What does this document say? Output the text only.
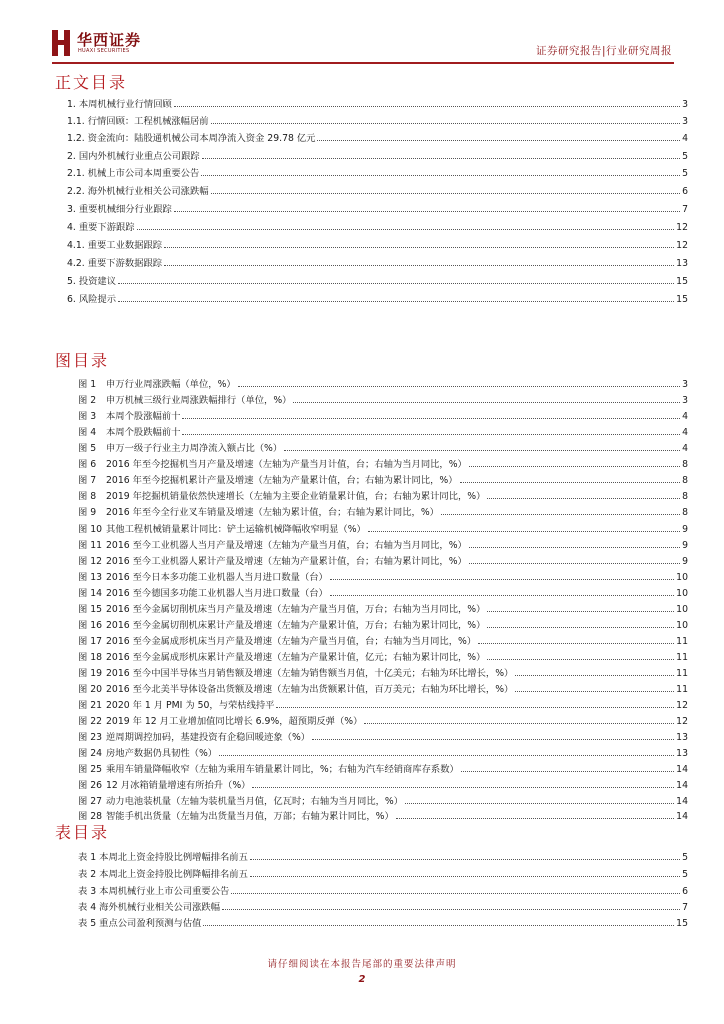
华西证券
HUAXI SECURITIES	证券研究报告|行业研究周报
正文目录
图目录
表目录
1. 本周机械行业行情回顾	3
1.1. 行情回顾：工程机械涨幅居前	3
1.2. 资金流向：陆股通机械公司本周净流入资金 29.78 亿元	4
2. 国内外机械行业重点公司跟踪	5
2.1. 机械上市公司本周重要公告	5
2.2. 海外机械行业相关公司涨跌幅	6
3. 重要机械细分行业跟踪	7
4. 重要下游跟踪	12
4.1. 重要工业数据跟踪	12
4.2. 重要下游数据跟踪	13
5. 投资建议	15
6. 风险提示	15
图 1 申万行业周涨跌幅（单位，%）	3
图 2 申万机械三级行业周涨跌幅排行（单位，%）	3
图 3 本周个股涨幅前十	4
图 4 本周个股跌幅前十	4
图 5 申万一级子行业主力周净流入额占比（%）	4
图 6 2016 年至今挖掘机当月产量及增速（左轴为产量当月计值，台；右轴为当月同比，%）	8
图 7 2016 年至今挖掘机累计产量及增速（左轴为产量累计值，台；右轴为累计同比，%）	8
图 8 2019 年挖掘机销量依然快速增长（左轴为主要企业销量累计值，台；右轴为累计同比，%）	8
图 9 2016 年至今全行业叉车销量及增速（左轴为累计值，台；右轴为累计同比，%）	8
图 10 其他工程机械销量累计同比：铲土运输机械降幅收窄明显（%）	9
图 11 2016 至今工业机器人当月产量及增速（左轴为产量当月值，台；右轴为当月同比，%）	9
图 12 2016 至今工业机器人累计产量及增速（左轴为产量累计值，台；右轴为累计同比，%）	9
图 13 2016 至今日本多功能工业机器人当月进口数量（台）	10
图 14 2016 至今德国多功能工业机器人当月进口数量（台）	10
图 15 2016 至今金属切削机床当月产量及增速（左轴为产量当月值，万台；右轴为当月同比，%）	10
图 16 2016 至今金属切削机床累计产量及增速（左轴为产量累计值，万台；右轴为累计同比，%）	10
图 17 2016 至今金属成形机床当月产量及增速（左轴为产量当月值，台；右轴为当月同比，%）	11
图 18 2016 至今金属成形机床累计产量及增速（左轴为产量累计值，亿元；右轴为累计同比，%）	11
图 19 2016 至今中国半导体当月销售额及增速（左轴为销售额当月值，十亿美元；右轴为环比增长，%）	11
图 20 2016 至今北美半导体设备出货额及增速（左轴为出货额累计值，百万美元；右轴为环比增长，%）	11
图 21 2020 年 1 月 PMI 为 50，与荣枯线持平	12
图 22 2019 年 12 月工业增加值同比增长 6.9%，超预期反弹（%）	12
图 23 逆周期调控加码，基建投资有企稳回暖迹象（%）	13
图 24 房地产数据仍具韧性（%）	13
图 25 乘用车销量降幅收窄（左轴为乘用车销量累计同比，%；右轴为汽车经销商库存系数）	14
图 26 12 月冰箱销量增速有所抬升（%）	14
图 27 动力电池装机量（左轴为装机量当月值，亿瓦时；右轴为当月同比，%）	14
图 28 智能手机出货量（左轴为出货量当月值，万部；右轴为累计同比，%）	14
表 1 本周北上资金持股比例增幅排名前五	5
表 2 本周北上资金持股比例降幅排名前五	5
表 3 本周机械行业上市公司重要公告	6
表 4 海外机械行业相关公司涨跌幅	7
表 5 重点公司盈利预测与估值	15
请仔细阅读在本报告尾部的重要法律声明
2
